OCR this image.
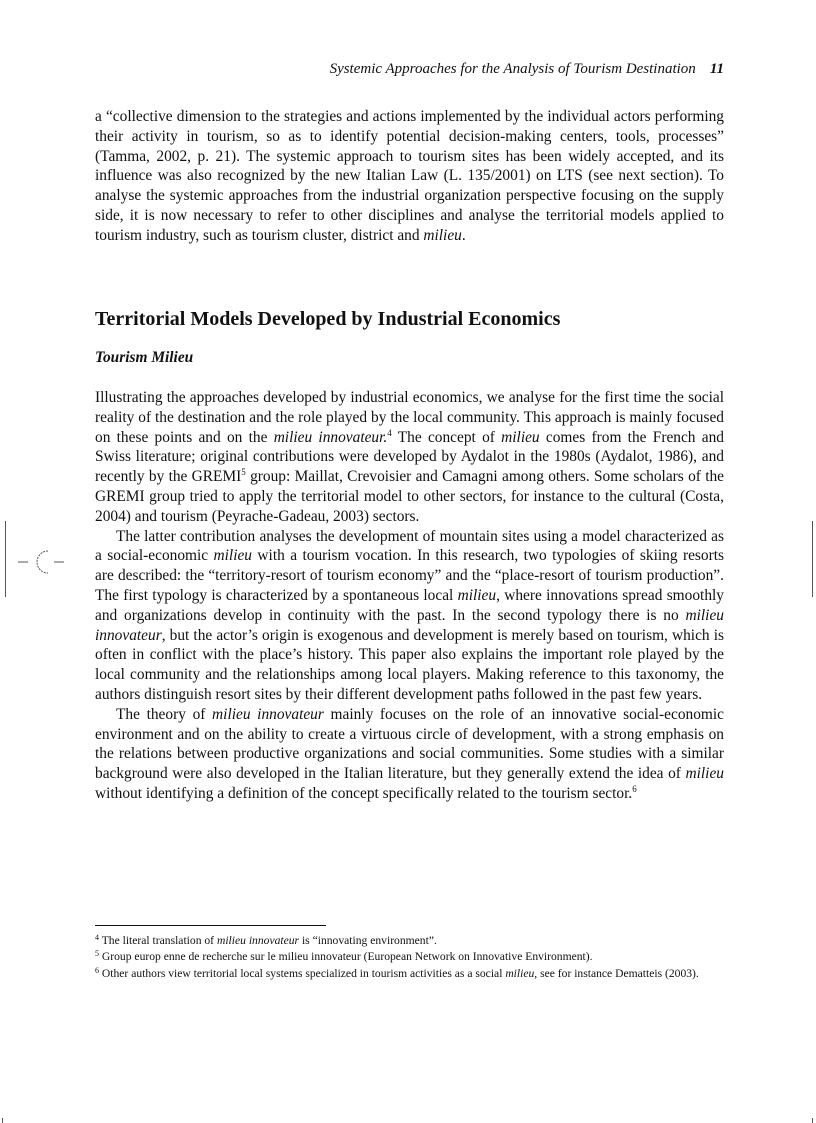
Systemic Approaches for the Analysis of Tourism Destination 11

a “collective dimension to the strategies and actions implemented by the individual actors performing their activity in tourism, so as to identify potential decision-making centers, tools, processes” (Tamma, 2002, p. 21). The systemic approach to tourism sites has been widely accepted, and its influence was also recognized by the new Italian Law (L. 135/2001) on LTS (see next section). To analyse the systemic approaches from the industrial organization perspective focusing on the supply side, it is now necessary to refer to other disciplines and analyse the territorial models applied to tourism industry, such as tourism cluster, district and milieu.

Territorial Models Developed by Industrial Economics
Tourism Milieu

Illustrating the approaches developed by industrial economics, we analyse for the first time the social reality of the destination and the role played by the local community. This approach is mainly focused on these points and on the milieu innovateur.$^4$ The concept of milieu comes from the French and Swiss literature; original contributions were developed by Aydalot in the 1980s (Aydalot, 1986), and recently by the GREMI$^5$ group: Maillat, Crevoisier and Camagni among others. Some scholars of the GREMI group tried to apply the territorial model to other sectors, for instance to the cultural (Costa, 2004) and tourism (Peyrache-Gadeau, 2003) sectors.

The latter contribution analyses the development of mountain sites using a model characterized as a social-economic milieu with a tourism vocation. In this research, two typologies of skiing resorts are described: the “territory-resort of tourism economy” and the “place-resort of tourism production”. The first typology is characterized by a spontaneous local milieu, where innovations spread smoothly and organizations develop in continuity with the past. In the second typology there is no milieu innovateur, but the actor’s origin is exogenous and development is merely based on tourism, which is often in conflict with the place’s history. This paper also explains the important role played by the local community and the relationships among local players. Making reference to this taxonomy, the authors distinguish resort sites by their different development paths followed in the past few years.

The theory of milieu innovateur mainly focuses on the role of an innovative social-economic environment and on the ability to create a virtuous circle of development, with a strong emphasis on the relations between productive organizations and social communities. Some studies with a similar background were also developed in the Italian literature, but they generally extend the idea of milieu without identifying a definition of the concept specifically related to the tourism sector.$^6$

$^4$ The literal translation of milieu innovateur is “innovating environment”.

$^5$ Group europ enne de recherche sur le milieu innovateur (European Network on Innovative Environment).

$^6$ Other authors view territorial local systems specialized in tourism activities as a social milieu, see for instance Dematteis (2003).
